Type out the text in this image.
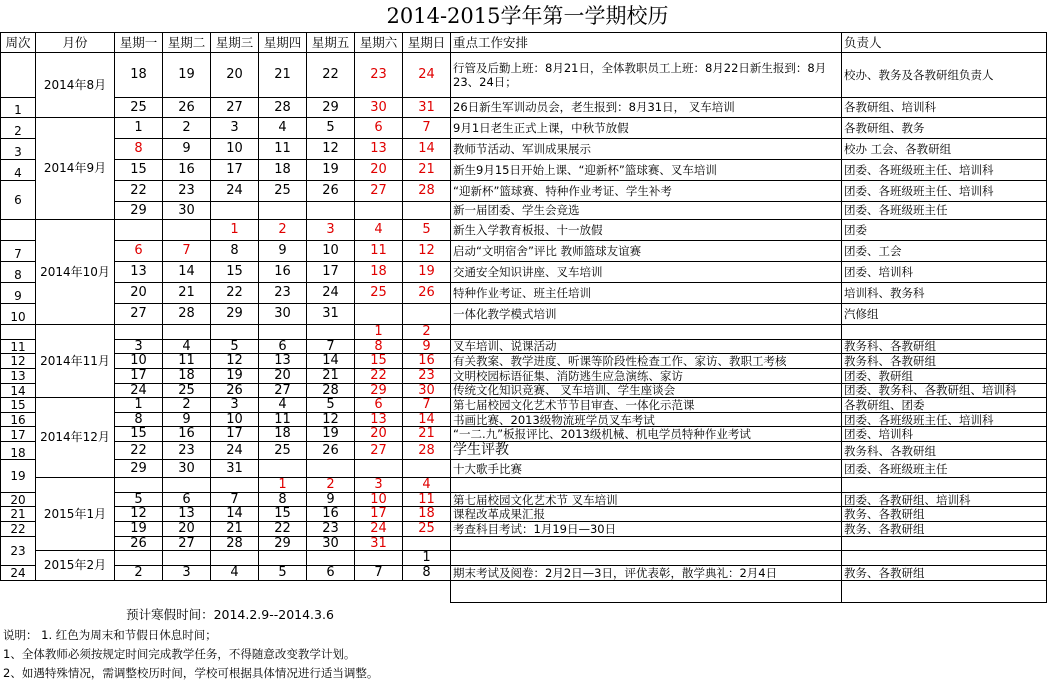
2014-2015学年第一学期校历
周次	月份	星期一	星期二	星期三	星期四	星期五	星期六	星期日	重点工作安排	负责人
	2014年8月	18	19	20	21	22	23	24	行管及后勤上班：8月21日，全体教职员工上班：8月22日新生报到：8月23、24日；	校办、教务及各教研组负责人
1		25	26	27	28	29	30	31	26日新生军训动员会，老生报到：8月31日， 叉车培训	各教研组、培训科
2	2014年9月	1	2	3	4	5	6	7	9月1日老生正式上课，中秋节放假	各教研组、教务
3		8	9	10	11	12	13	14	教师节活动、军训成果展示	校办 工会、各教研组
4		15	16	17	18	19	20	21	新生9月15日开始上课、“迎新杯”篮球赛、叉车培训	团委、各班级班主任、培训科
6		22	23	24	25	26	27	28	“迎新杯”篮球赛、特种作业考证、学生补考	团委、各班级班主任、培训科
		29	30						新一届团委、学生会竞选	团委、各班级班主任
	2014年10月			1	2	3	4	5	新生入学教育板报、十一放假	团委
7		6	7	8	9	10	11	12	启动“文明宿舍”评比 教师篮球友谊赛	团委、工会
8		13	14	15	16	17	18	19	交通安全知识讲座、叉车培训	团委、培训科
9		20	21	22	23	24	25	26	特种作业考证、班主任培训	培训科、教务科
10		27	28	29	30	31			一体化教学模式培训	汽修组
	2014年11月						1	2		
11		3	4	5	6	7	8	9	叉车培训、说课活动	教务科、各教研组
12		10	11	12	13	14	15	16	有关教案、教学进度、听课等阶段性检查工作、家访、教职工考核	教务科、各教研组
13		17	18	19	20	21	22	23	文明校园标语征集、消防逃生应急演练、家访	团委、教研组
14		24	25	26	27	28	29	30	传统文化知识竞赛、 叉车培训、学生座谈会	团委、教务科、各教研组、培训科
15	2014年12月	1	2	3	4	5	6	7	第七届校园文化艺术节节目审查、一体化示范课	各教研组、团委
16		8	9	10	11	12	13	14	书画比赛、2013级物流班学员叉车考试	团委、各班级班主任、培训科
17		15	16	17	18	19	20	21	“一二.九”板报评比、2013级机械、机电学员特种作业考试	团委、培训科
18		22	23	24	25	26	27	28	学生评教	教务科、各教研组
19		29	30	31					十大歌手比赛	团委、各班级班主任
	2015年1月				1	2	3	4		
20		5	6	7	8	9	10	11	第七届校园文化艺术节 叉车培训	团委、各教研组、培训科
21		12	13	14	15	16	17	18	课程改革成果汇报	教务、各教研组
22		19	20	21	22	23	24	25	考查科目考试：1月19日—30日	教务、各教研组
23		26	27	28	29	30	31			
	2015年2月							1		
24		2	3	4	5	6	7	8	期末考试及阅卷：2月2日—3日，评优表彰，散学典礼：2月4日	教务、各教研组

预计寒假时间：2014.2.9--2014.3.6
说明： 1. 红色为周末和节假日休息时间；
1、全体教师必须按规定时间完成教学任务，不得随意改变教学计划。
2、如遇特殊情况，需调整校历时间，学校可根据具体情况进行适当调整。
